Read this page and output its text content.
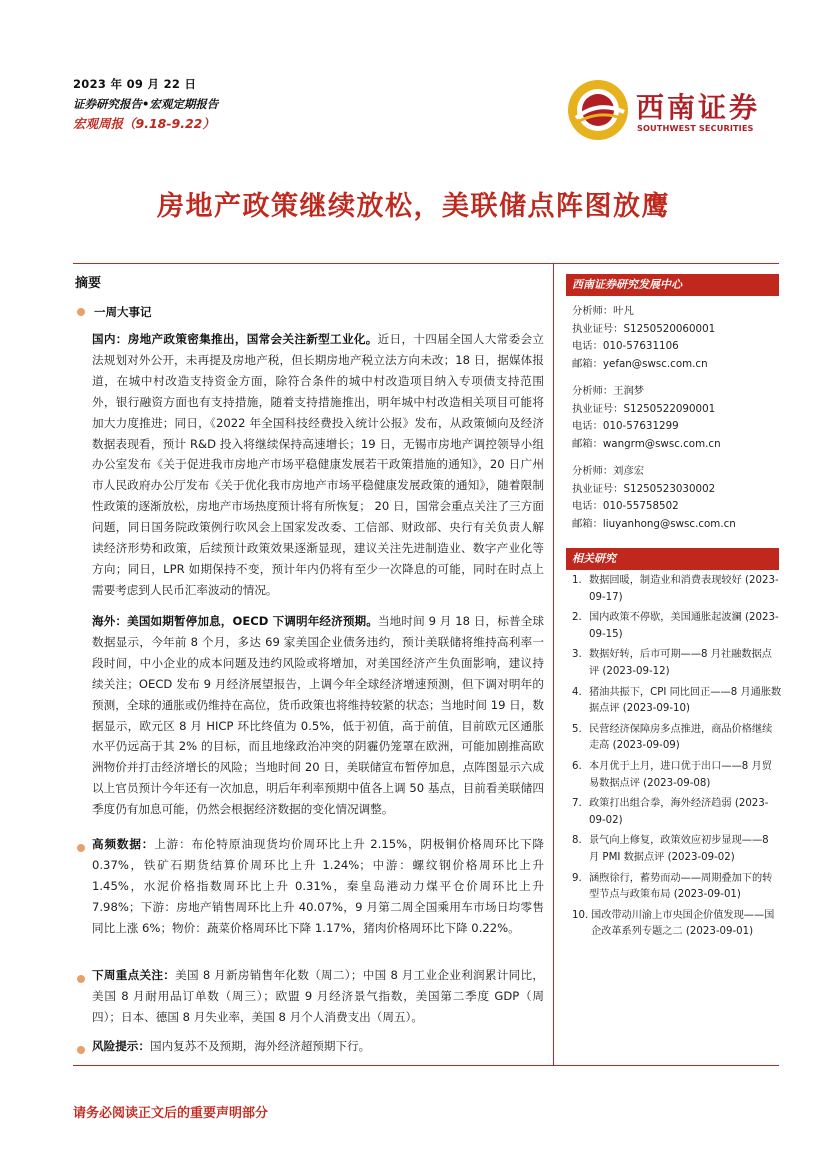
2023 年 09 月 22 日
证券研究报告•宏观定期报告
宏观周报（9.18-9.22）	西南证券
SOUTHWEST SECURITIES
房地产政策继续放松，美联储点阵图放鹰
摘要
一周大事记
国内：房地产政策密集推出，国常会关注新型工业化。近日，十四届全国人大常委会立法规划对外公开，未再提及房地产税，但长期房地产税立法方向未改；18 日，据媒体报道，在城中村改造支持资金方面，除符合条件的城中村改造项目纳入专项债支持范围外，银行融资方面也有支持措施，随着支持措施推出，明年城中村改造相关项目可能将加大力度推进；同日，《2022 年全国科技经费投入统计公报》发布，从政策倾向及经济数据表现看，预计 R&D 投入将继续保持高速增长；19 日，无锡市房地产调控领导小组办公室发布《关于促进我市房地产市场平稳健康发展若干政策措施的通知》，20 日广州市人民政府办公厅发布《关于优化我市房地产市场平稳健康发展政策的通知》，随着限制性政策的逐渐放松，房地产市场热度预计将有所恢复； 20 日，国常会重点关注了三方面问题，同日国务院政策例行吹风会上国家发改委、工信部、财政部、央行有关负责人解读经济形势和政策，后续预计政策效果逐渐显现，建议关注先进制造业、数字产业化等方向；同日，LPR 如期保持不变，预计年内仍将有至少一次降息的可能，同时在时点上需要考虑到人民币汇率波动的情况。
海外：美国如期暂停加息，OECD 下调明年经济预期。当地时间 9 月 18 日，标普全球数据显示，今年前 8 个月，多达 69 家美国企业债务违约，预计美联储将维持高利率一段时间，中小企业的成本问题及违约风险或将增加，对美国经济产生负面影响，建议持续关注；OECD 发布 9 月经济展望报告，上调今年全球经济增速预测，但下调对明年的预测，全球的通胀或仍维持在高位，货币政策也将维持较紧的状态；当地时间 19 日，数据显示，欧元区 8 月 HICP 环比终值为 0.5%，低于初值，高于前值，目前欧元区通胀水平仍远高于其 2% 的目标，而且地缘政治冲突的阴霾仍笼罩在欧洲，可能加剧推高欧洲物价并打击经济增长的风险；当地时间 20 日，美联储宣布暂停加息，点阵图显示六成以上官员预计今年还有一次加息，明后年利率预期中值各上调 50 基点，目前看美联储四季度仍有加息可能，仍然会根据经济数据的变化情况调整。
高频数据：上游：布伦特原油现货均价周环比上升 2.15%，阴极铜价格周环比下降 0.37%，铁矿石期货结算价周环比上升 1.24%；中游：螺纹钢价格周环比上升 1.45%，水泥价格指数周环比上升 0.31%，秦皇岛港动力煤平仓价周环比上升 7.98%；下游：房地产销售周环比上升 40.07%，9 月第二周全国乘用车市场日均零售同比上涨 6%；物价：蔬菜价格周环比下降 1.17%，猪肉价格周环比下降 0.22%。
下周重点关注：美国 8 月新房销售年化数（周二）；中国 8 月工业企业利润累计同比，美国 8 月耐用品订单数（周三）；欧盟 9 月经济景气指数，美国第二季度 GDP（周四）；日本、德国 8 月失业率，美国 8 月个人消费支出（周五）。
风险提示：国内复苏不及预期，海外经济超预期下行。
西南证券研究发展中心
分析师：叶凡
执业证号：S1250520060001
电话：010-57631106
邮箱：yefan@swsc.com.cn
分析师：王润梦
执业证号：S1250522090001
电话：010-57631299
邮箱：wangrm@swsc.com.cn
分析师：刘彦宏
执业证号：S1250523030002
电话：010-55758502
邮箱：liuyanhong@swsc.com.cn
相关研究
1. 数据回暖，制造业和消费表现较好 (2023-09-17)
2. 国内政策不停歇，美国通胀起波澜 (2023-09-15)
3. 数据好转，后市可期——8 月社融数据点评 (2023-09-12)
4. 猪油共振下，CPI 同比回正——8 月通胀数据点评 (2023-09-10)
5. 民营经济保障房多点推进，商品价格继续走高 (2023-09-09)
6. 本月优于上月，进口优于出口——8 月贸易数据点评 (2023-09-08)
7. 政策打出组合拳，海外经济趋弱 (2023-09-02)
8. 景气向上修复，政策效应初步显现——8 月 PMI 数据点评 (2023-09-02)
9. 涵煦徐行，蓄势而动——周期叠加下的转型节点与政策布局 (2023-09-01)
10. 国改带动川渝上市央国企价值发现——国企改革系列专题之二 (2023-09-01)
请务必阅读正文后的重要声明部分
